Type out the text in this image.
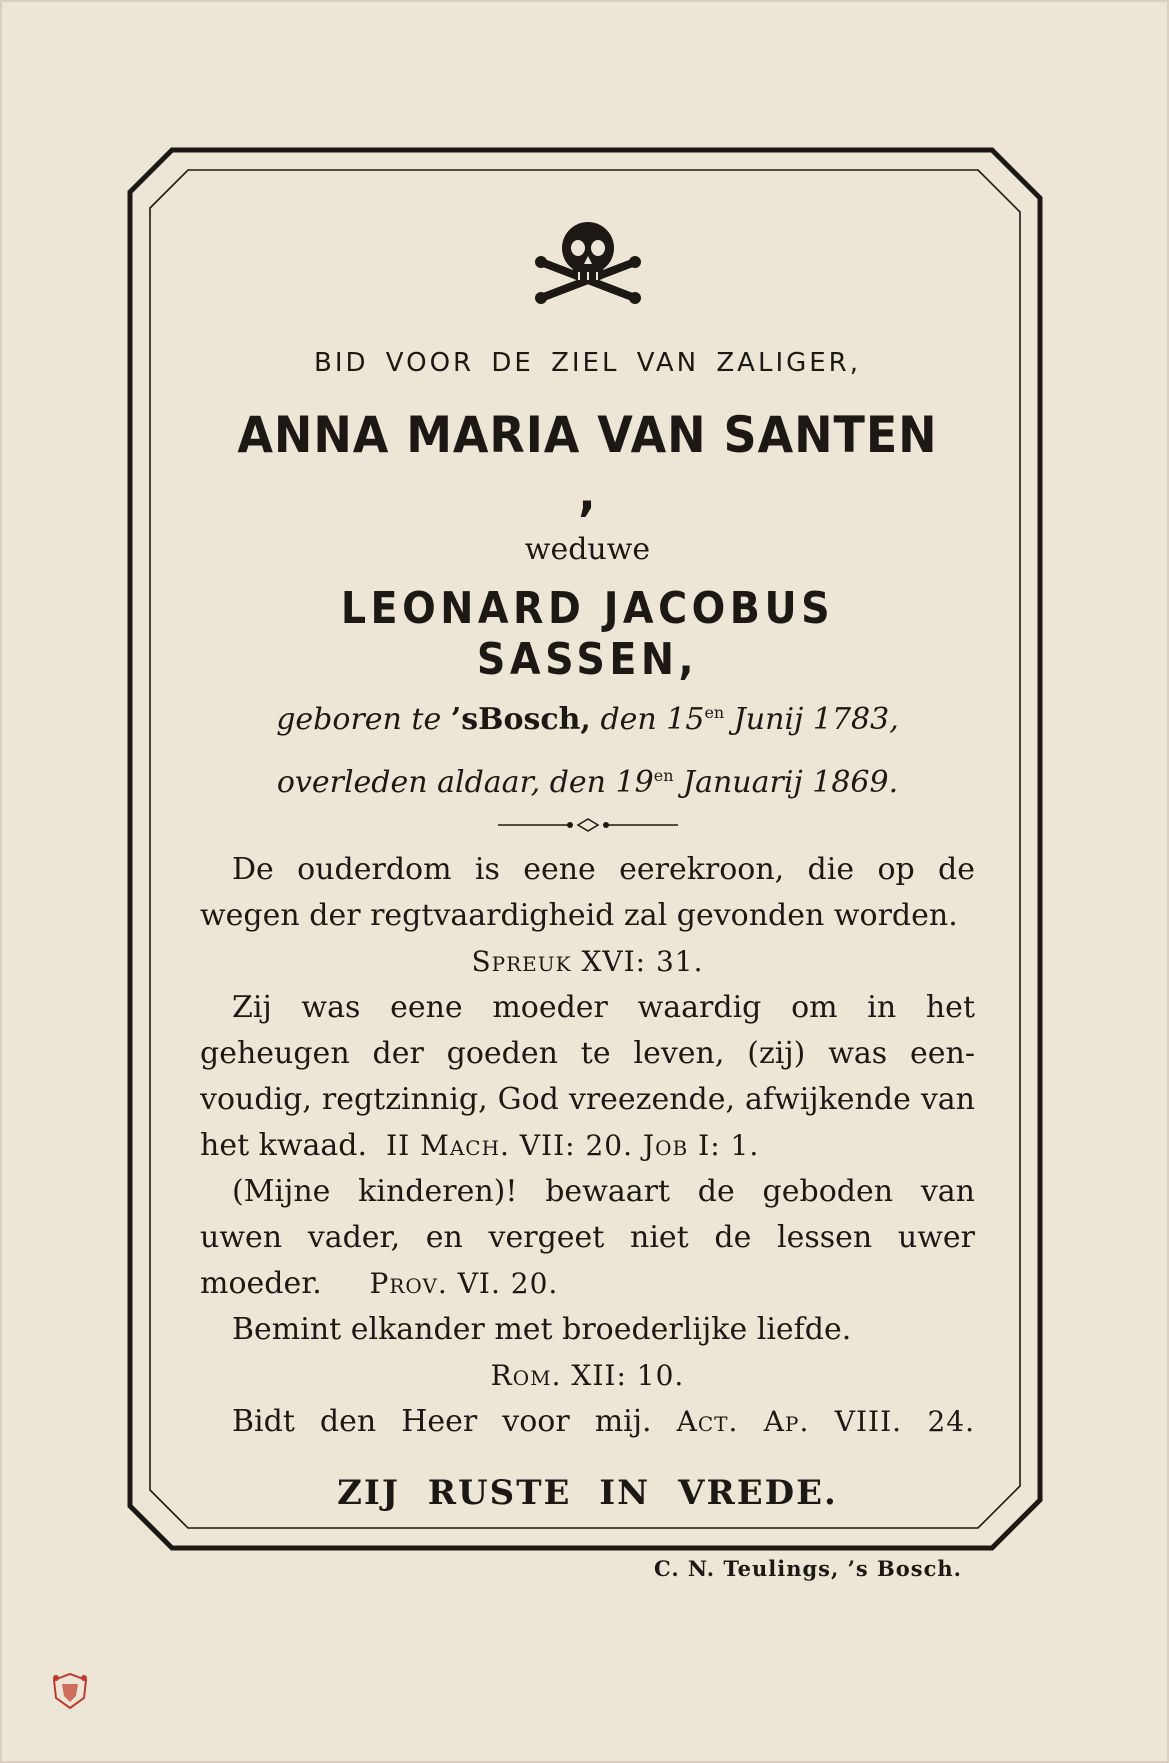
BID VOOR DE ZIEL VAN ZALIGER,
ANNA MARIA VAN SANTEN ,
weduwe
LEONARD JACOBUS SASSEN,
geboren te ’sBosch, den $15^{en}$ Junij 1783,
overleden aldaar, den $19^{en}$ Januarij 1869.
De ouderdom is eene eerekroon, die op de wegen der regtvaardigheid zal gevonden worden.
Spreuk XVI: 31.
Zij was eene moeder waardig om in het geheugen der goeden te leven, (zij) was een-voudig, regtzinnig, God vreezende, afwijkende van het kwaad. II Mach. VII: 20. Job I: 1.
(Mijne kinderen)! bewaart de geboden van uwen vader, en vergeet niet de lessen uwer moeder. Prov. VI. 20.
Bemint elkander met broederlijke liefde.
Rom. XII: 10.
Bidt den Heer voor mij. Act. Ap. VIII. 24.
ZIJ RUSTE IN VREDE.
C. N. Teulings, ’s Bosch.
